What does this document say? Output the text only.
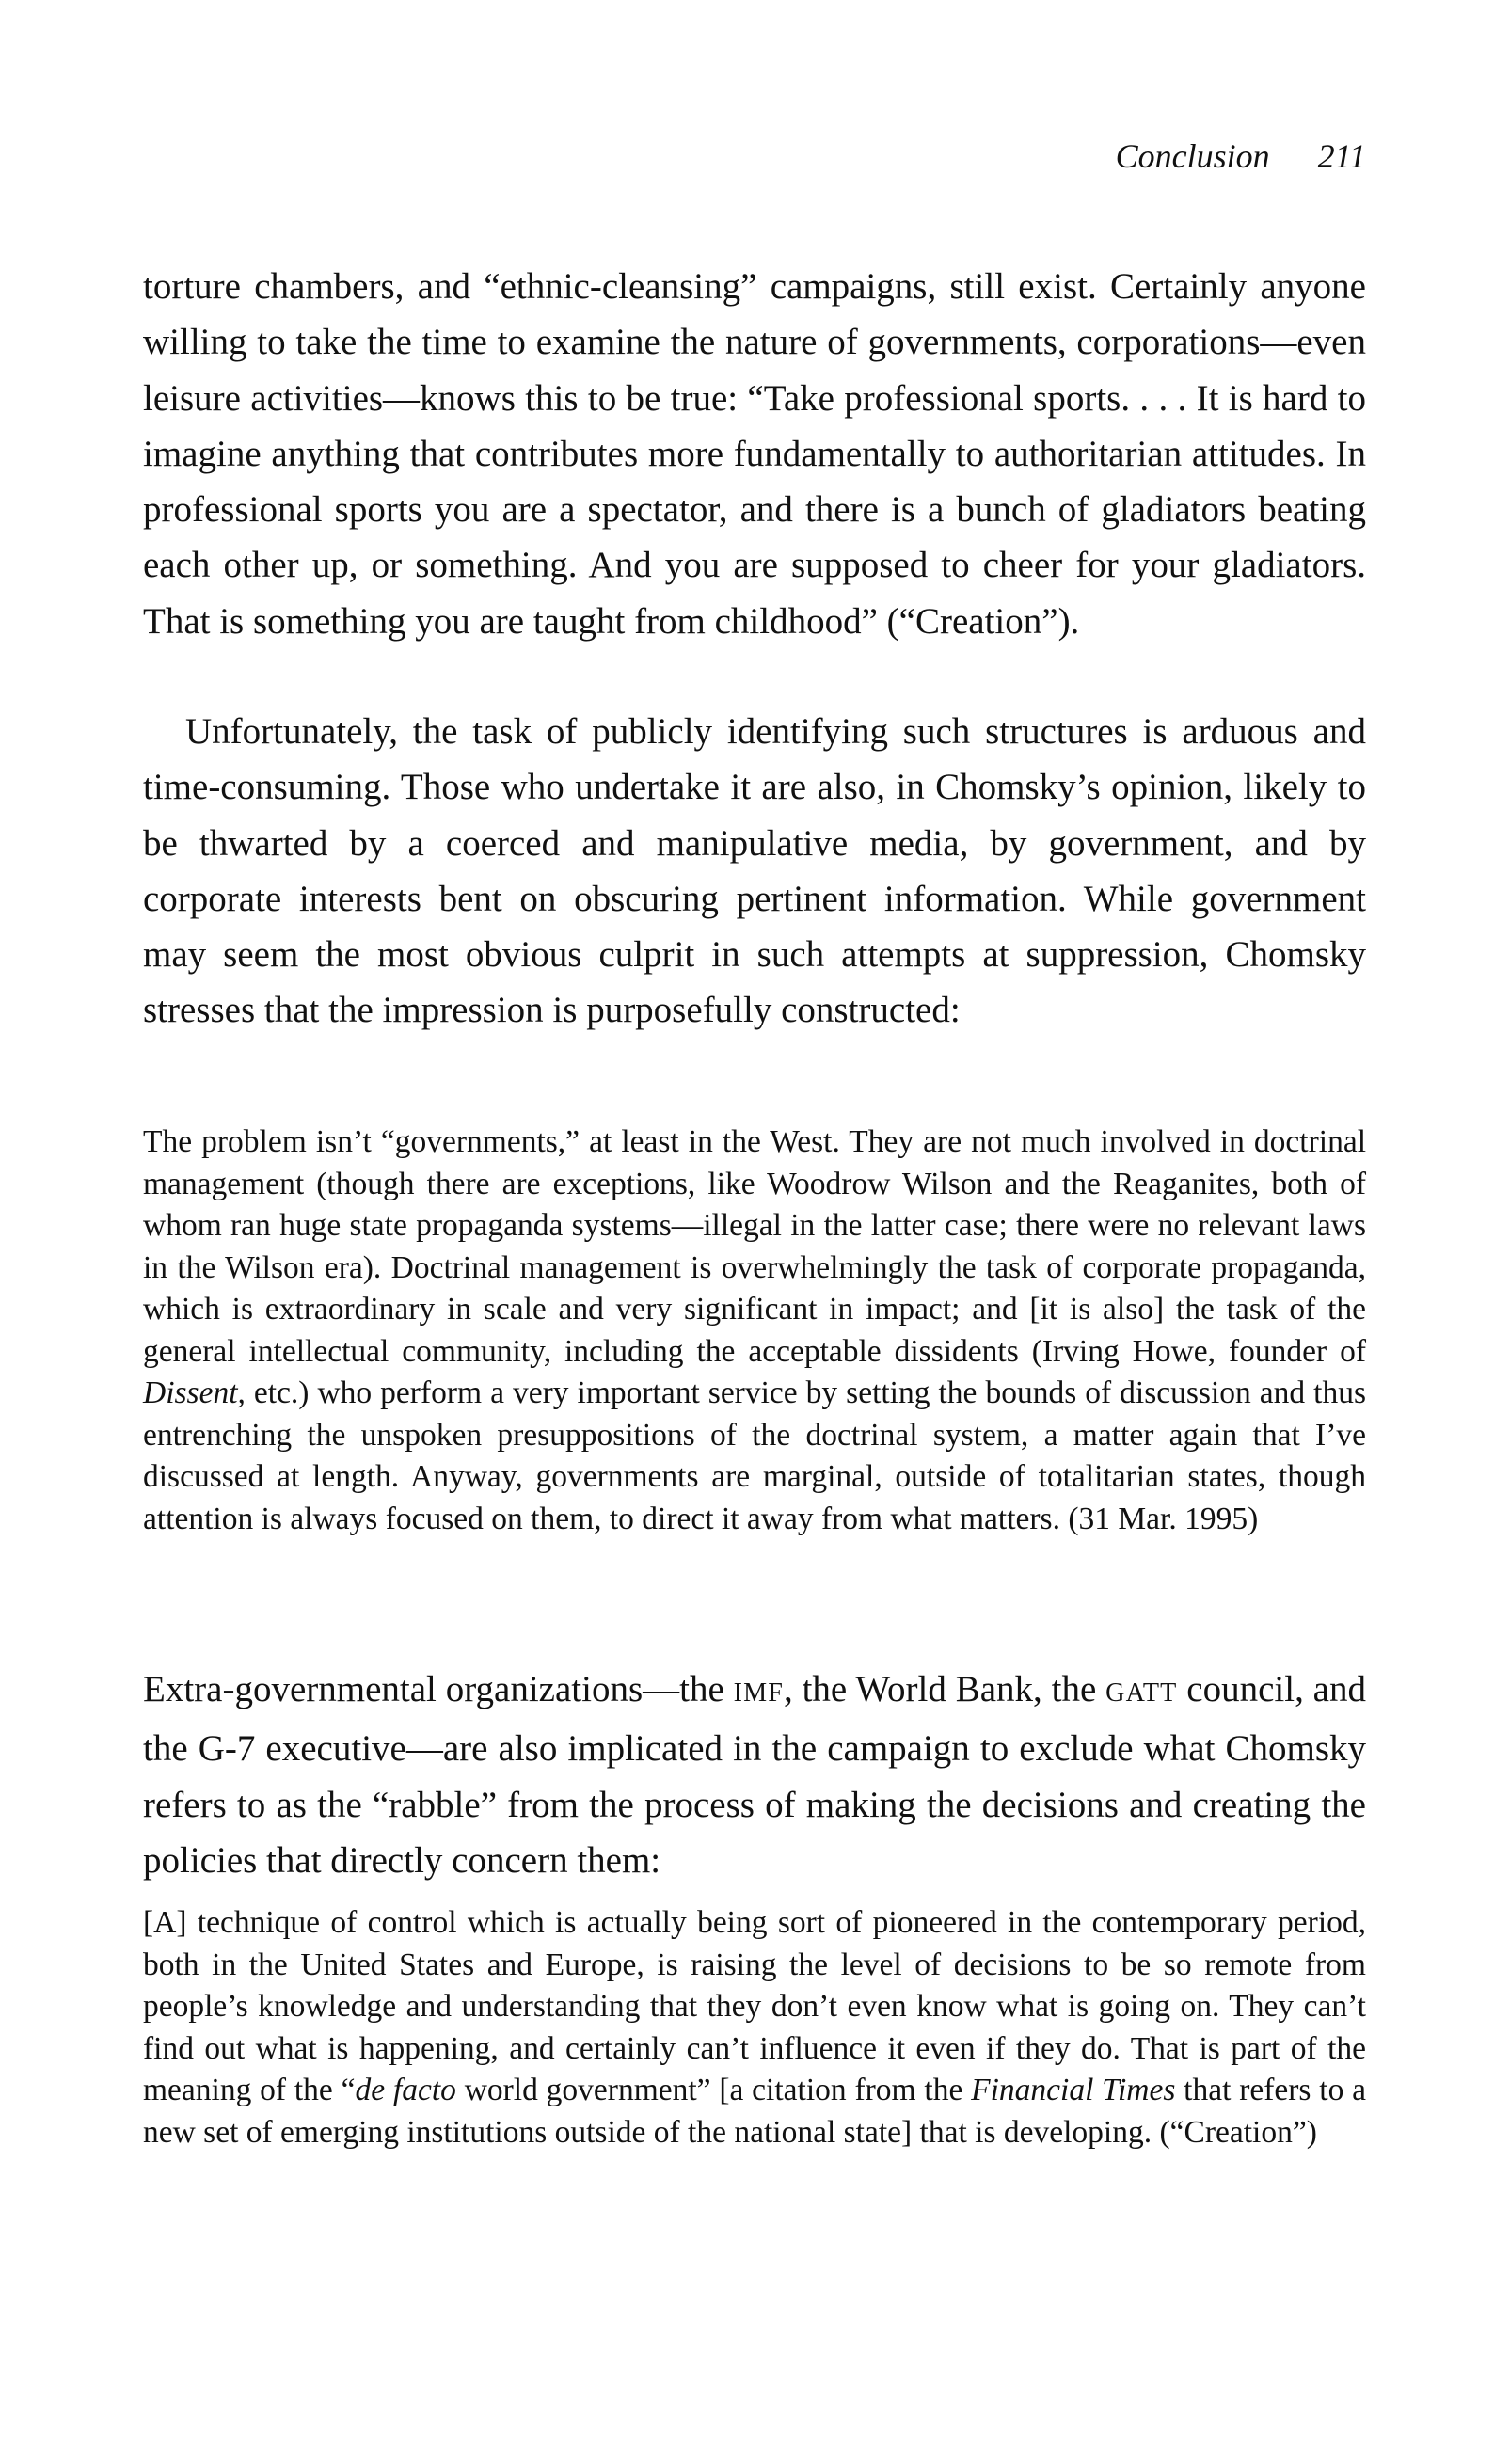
Conclusion 211

torture chambers, and “ethnic-cleansing” campaigns, still exist. Certainly anyone willing to take the time to examine the nature of governments, corporations—even leisure activities—knows this to be true: “Take professional sports. . . . It is hard to imagine anything that contributes more fundamentally to authoritarian attitudes. In professional sports you are a spectator, and there is a bunch of gladiators beating each other up, or something. And you are supposed to cheer for your gladiators. That is something you are taught from childhood” (“Creation”).

Unfortunately, the task of publicly identifying such structures is arduous and time-consuming. Those who undertake it are also, in Chomsky’s opinion, likely to be thwarted by a coerced and manipulative media, by government, and by corporate interests bent on obscuring pertinent information. While government may seem the most obvious culprit in such attempts at suppression, Chomsky stresses that the impression is purposefully constructed:

The problem isn’t “governments,” at least in the West. They are not much involved in doctrinal management (though there are exceptions, like Woodrow Wilson and the Reaganites, both of whom ran huge state propaganda systems—illegal in the latter case; there were no relevant laws in the Wilson era). Doctrinal management is overwhelmingly the task of corporate propaganda, which is extraordinary in scale and very significant in impact; and [it is also] the task of the general intellectual community, including the acceptable dissidents (Irving Howe, founder of Dissent, etc.) who perform a very important service by setting the bounds of discussion and thus entrenching the unspoken presuppositions of the doctrinal system, a matter again that I’ve discussed at length. Anyway, governments are marginal, outside of totalitarian states, though attention is always focused on them, to direct it away from what matters. (31 Mar. 1995)

Extra-governmental organizations—the IMF, the World Bank, the GATT council, and the G-7 executive—are also implicated in the campaign to exclude what Chomsky refers to as the “rabble” from the process of making the decisions and creating the policies that directly concern them:

[A] technique of control which is actually being sort of pioneered in the contemporary period, both in the United States and Europe, is raising the level of decisions to be so remote from people’s knowledge and understanding that they don’t even know what is going on. They can’t find out what is happening, and certainly can’t influence it even if they do. That is part of the meaning of the “de facto world government” [a citation from the Financial Times that refers to a new set of emerging institutions outside of the national state] that is developing. (“Creation”)
